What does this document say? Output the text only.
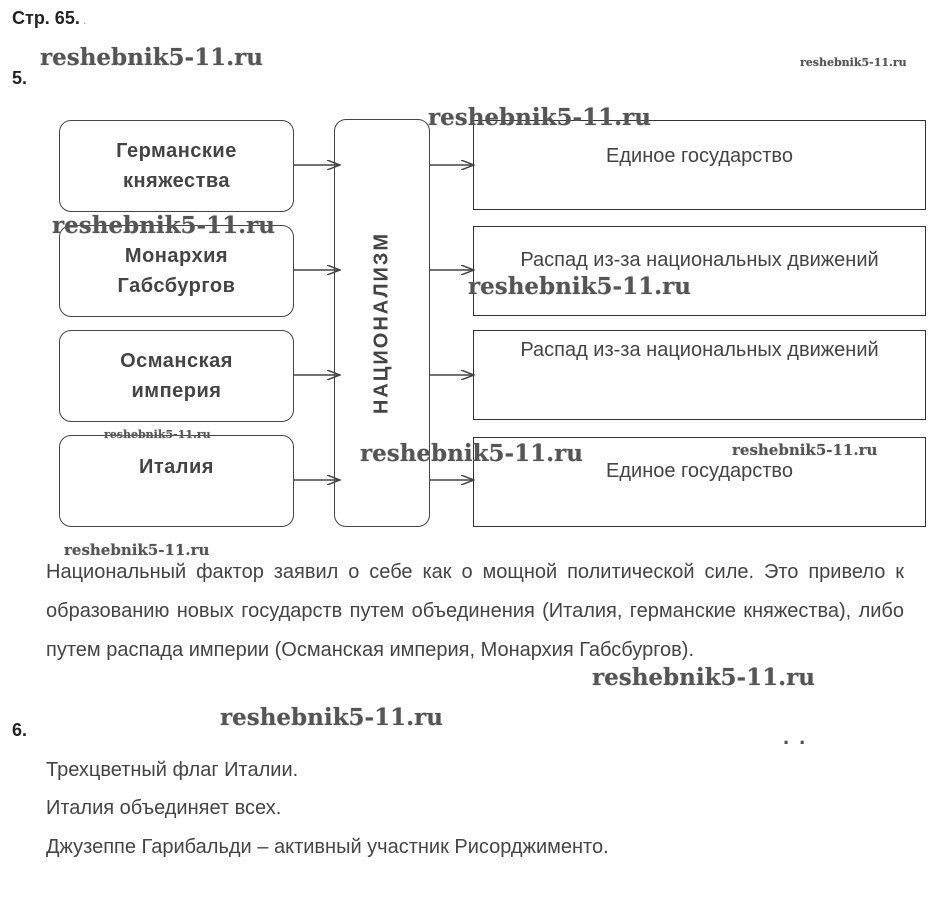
Стр. 65. .
5.
Германские
княжества
Монархия
Габсбургов
Османская
империя
Италия
НАЦИОНАЛИЗМ
Единое государство
Распад из-за национальных движений
Распад из-за национальных движений
Единое государство
Национальный фактор заявил о себе как о мощной политической силе. Это привело к образованию новых государств путем объединения (Италия, германские княжества), либо путем распада империи (Османская империя, Монархия Габсбургов).
6.	..
Трехцветный флаг Италии.
Италия объединяет всех.
Джузеппе Гарибальди – активный участник Рисорджименто.
reshebnik5-11.ru	reshebnik5-11.ru
reshebnik5-11.ru
reshebnik5-11.ru
reshebnik5-11.ru
reshebnik5-11.ru
reshebnik5-11.ru	reshebnik5-11.ru
reshebnik5-11.ru
reshebnik5-11.ru
reshebnik5-11.ru
